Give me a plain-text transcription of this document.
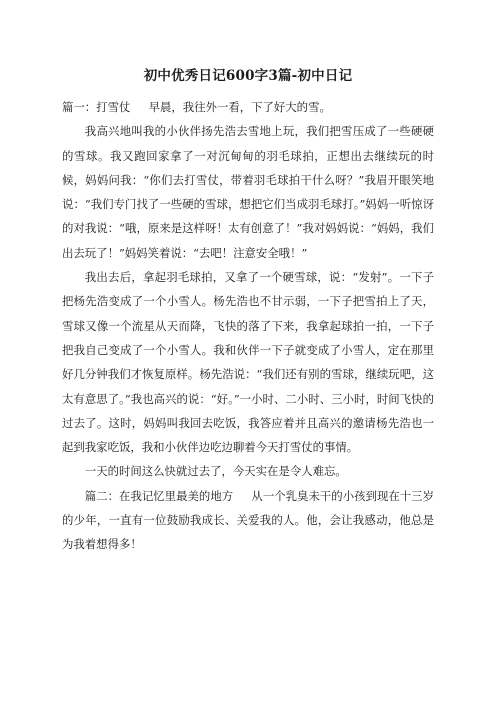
初中优秀日记600字3篇-初中日记

篇一：打雪仗 早晨，我往外一看，下了好大的雪。

我高兴地叫我的小伙伴扬先浩去雪地上玩，我们把雪压成了一些硬硬的雪球。我又跑回家拿了一对沉甸甸的羽毛球拍，正想出去继续玩的时候，妈妈问我：“你们去打雪仗，带着羽毛球拍干什么呀？”我眉开眼笑地说：“我们专门找了一些硬的雪球，想把它们当成羽毛球打。”妈妈一听惊讶的对我说：“哦，原来是这样呀！太有创意了！”我对妈妈说：“妈妈，我们出去玩了！”妈妈笑着说：“去吧！注意安全哦！”

我出去后，拿起羽毛球拍，又拿了一个硬雪球，说：“发射”。一下子把杨先浩变成了一个小雪人。杨先浩也不甘示弱，一下子把雪拍上了天，雪球又像一个流星从天而降，飞快的落了下来，我拿起球拍一拍，一下子把我自己变成了一个小雪人。我和伙伴一下子就变成了小雪人，定在那里好几分钟我们才恢复原样。杨先浩说：“我们还有别的雪球，继续玩吧，这太有意思了。”我也高兴的说：“好。”一小时、二小时、三小时，时间飞快的过去了。这时，妈妈叫我回去吃饭，我答应着并且高兴的邀请杨先浩也一起到我家吃饭，我和小伙伴边吃边聊着今天打雪仗的事情。

一天的时间这么快就过去了，今天实在是令人难忘。

篇二：在我记忆里最美的地方 从一个乳臭未干的小孩到现在十三岁的少年，一直有一位鼓励我成长、关爱我的人。他，会让我感动，他总是为我着想得多！
